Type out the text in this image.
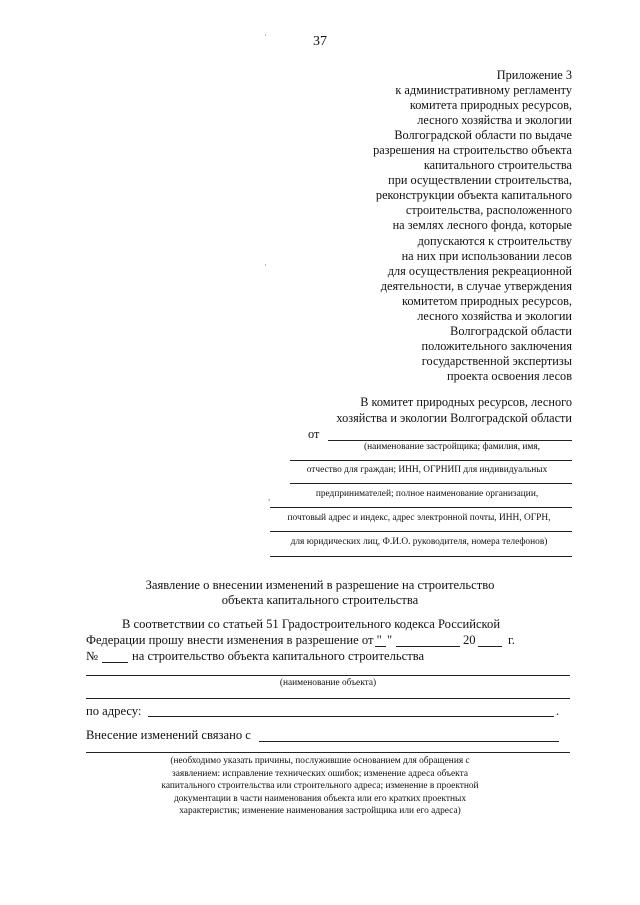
37
·
·
,
Приложение 3
к административному регламенту
комитета природных ресурсов,
лесного хозяйства и экологии
Волгоградской области по выдаче
разрешения на строительство объекта
капитального строительства
при осуществлении строительства,
реконструкции объекта капитального
строительства, расположенного
на землях лесного фонда, которые
допускаются к строительству
на них при использовании лесов
для осуществления рекреационной
деятельности, в случае утверждения
комитетом природных ресурсов,
лесного хозяйства и экологии
Волгоградской области
положительного заключения
государственной экспертизы
проекта освоения лесов
В комитет природных ресурсов, лесного
хозяйства и экологии Волгоградской области
от
(наименование застройщика; фамилия, имя,
отчество для граждан; ИНН, ОГРНИП для индивидуальных
предпринимателей; полное наименование организации,
почтовый адрес и индекс, адрес электронной почты, ИНН, ОГРН,
для юридических лиц, Ф.И.О. руководителя, номера телефонов)
Заявление о внесении изменений в разрешение на строительство
объекта капитального строительства
В соответствии со статьей 51 Градостроительного кодекса Российской
Федерации прошу внести изменения в разрешение от " "	20	г.
№	на строительство объекта капитального строительства
(наименование объекта)
по адресу:	.
Внесение изменений связано с
(необходимо указать причины, послужившие основанием для обращения с
заявлением: исправление технических ошибок; изменение адреса объекта
капитального строительства или строительного адреса; изменение в проектной
документации в части наименования объекта или его кратких проектных
характеристик; изменение наименования застройщика или его адреса)
